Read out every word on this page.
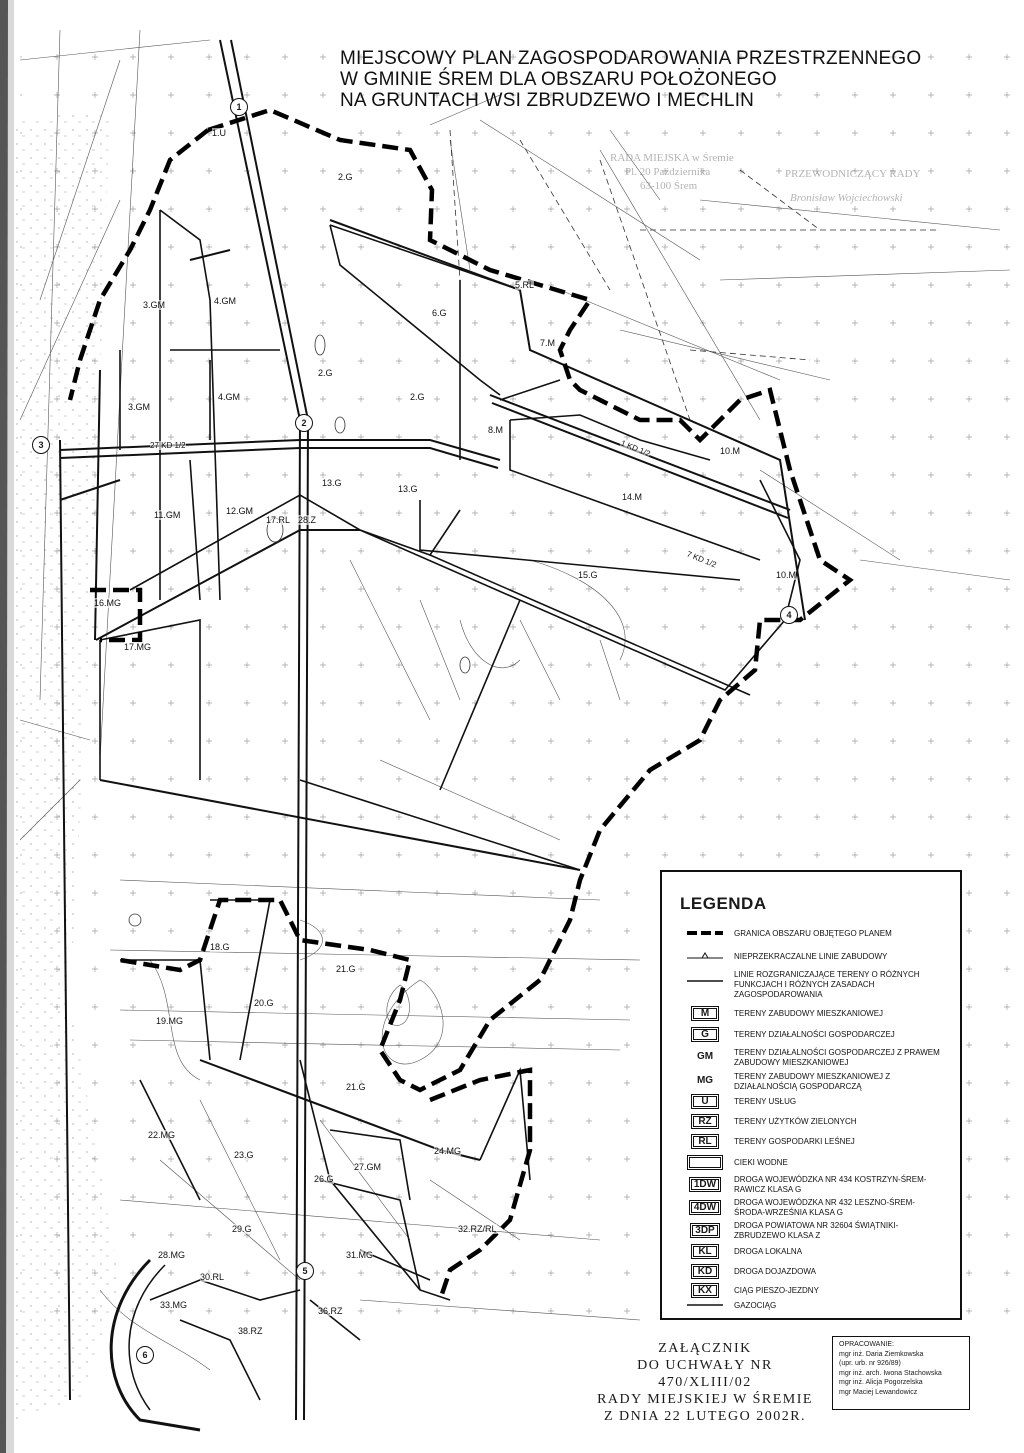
MIEJSCOWY PLAN ZAGOSPODAROWANIA PRZESTRZENNEGO
W GMINIE ŚREM DLA OBSZARU POŁOŻONEGO
NA GRUNTACH WSI ZBRUDZEWO I MECHLIN
RADA MIEJSKA w Śremie
Pl. 20 Października
63-100 Śrem
PRZEWODNICZĄCY RADY
Bronisław Wojciechowski
1.U
2.G
3.GM	4.GM
5.RL
6.G
7.M
2.G
3.GM
4.GM	2.G
8.M
10.M
13.G
13.G
14.M
11.GM	12.GM
17.RL 28.Z
15.G	10.M
16.MG
17.MG
18.G
21.G
20.G
19.MG
21.G
22.MG
23.G
27.GM
24.MG
26.G
29.G	32.RZ/RL
28.MG
30.RL
31.MG
33.MG
36.RZ
38.RZ
27 KD 1/2
7 KD 1/2
1 KD 1/2
1
2
3
4
5
6
LEGENDA
GRANICA OBSZARU OBJĘTEGO PLANEM
NIEPRZEKRACZALNE LINIE ZABUDOWY
LINIE ROZGRANICZAJĄCE TERENY O RÓŻNYCH FUNKCJACH I RÓŻNYCH ZASADACH ZAGOSPODAROWANIA
M	TERENY ZABUDOWY MIESZKANIOWEJ
G	TERENY DZIAŁALNOŚCI GOSPODARCZEJ
GM	TERENY DZIAŁALNOŚCI GOSPODARCZEJ Z PRAWEM ZABUDOWY MIESZKANIOWEJ
MG	TERENY ZABUDOWY MIESZKANIOWEJ Z DZIAŁALNOŚCIĄ GOSPODARCZĄ
U	TERENY USŁUG
RZ	TERENY UŻYTKÓW ZIELONYCH
RL	TERENY GOSPODARKI LEŚNEJ
CIEKI WODNE
1DW	DROGA WOJEWÓDZKA NR 434 KOSTRZYN-ŚREM-RAWICZ KLASA G
4DW	DROGA WOJEWÓDZKA NR 432 LESZNO-ŚREM-ŚRODA-WRZEŚNIA KLASA G
3DP	DROGA POWIATOWA NR 32604 ŚWIĄTNIKI-ZBRUDZEWO KLASA Z
KL	DROGA LOKALNA
KD	DROGA DOJAZDOWA
KX	CIĄG PIESZO-JEZDNY
GAZOCIĄG
ZAŁĄCZNIK
DO UCHWAŁY NR 470/XLIII/02
RADY MIEJSKIEJ W ŚREMIE
Z DNIA 22 LUTEGO 2002R.
OPRACOWANIE:
mgr inż. Daria Ziemkowska
(upr. urb. nr 926/89)
mgr inż. arch. Iwona Stachowska
mgr inż. Alicja Pogorzelska
mgr Maciej Lewandowicz
